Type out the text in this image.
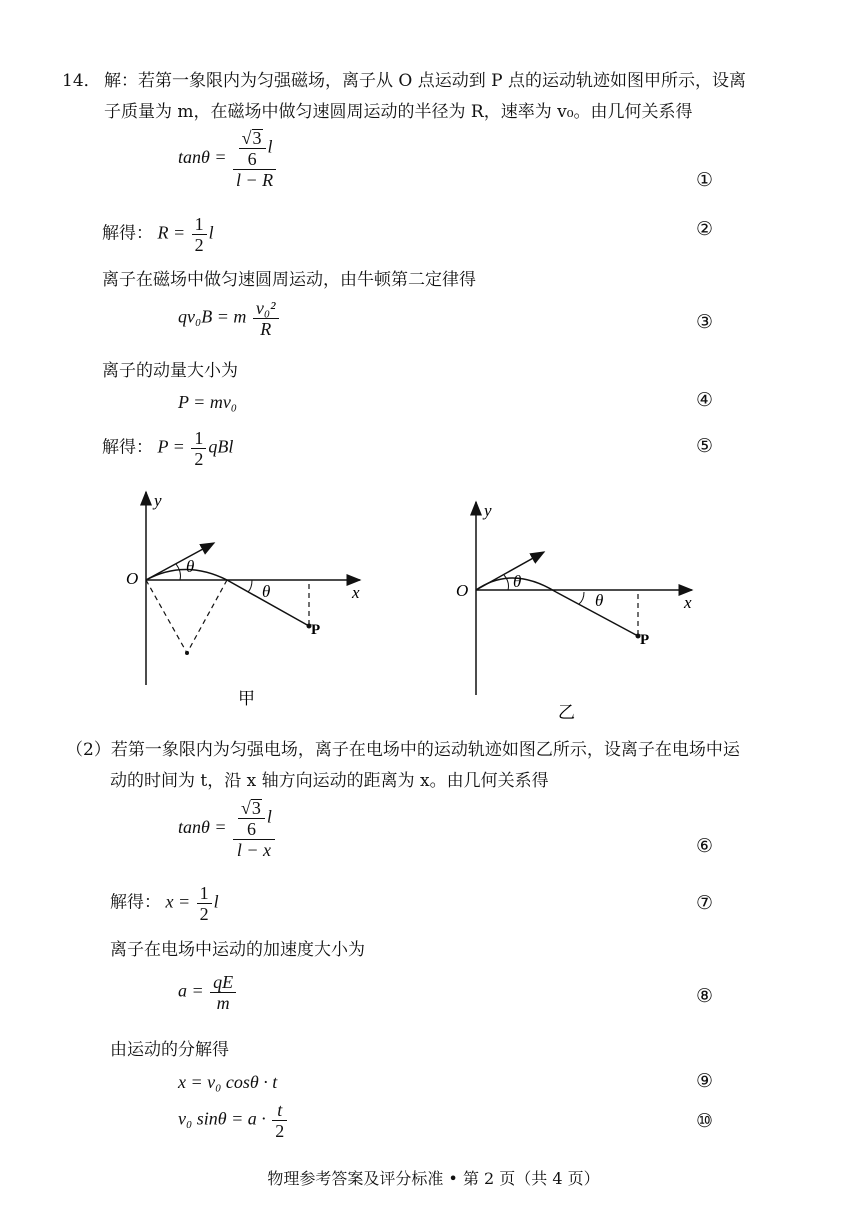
14． 解：若第一象限内为匀强磁场，离子从 O 点运动到 P 点的运动轨迹如图甲所示，设离
子质量为 m，在磁场中做匀速圆周运动的半径为 R，速率为 v₀。由几何关系得
$\tan\theta = \frac{\frac{√3}{6} l}{l - R}$	①
解得： $R = \frac{1}{2}$ l	②
离子在磁场中做匀速圆周运动，由牛顿第二定律得
qv₀B = m $\frac{\text{v₀²}}{R}$	③
离子的动量大小为
P = mv₀	④
解得： $P = \frac{1}{2}$ qBl	⑤
y
x
O
θ
θ
P
甲
y
x
O	θ
θ
P
乙
（2）若第一象限内为匀强电场，离子在电场中的运动轨迹如图乙所示，设离子在电场中运
动的时间为 t，沿 x 轴方向运动的距离为 x。由几何关系得
$\tan\theta = \frac{\frac{√3}{6} l}{l - x}$	⑥
解得： $x = \frac{1}{2}$ l	⑦
离子在电场中运动的加速度大小为
$a = \frac{qE}{m}$	⑧
由运动的分解得
x = v₀ cosθ · t	⑨
v₀ $\sin\theta = a \cdot \frac{t}{2}$	⑩
物理参考答案及评分标准 • 第 2 页（共 4 页）
